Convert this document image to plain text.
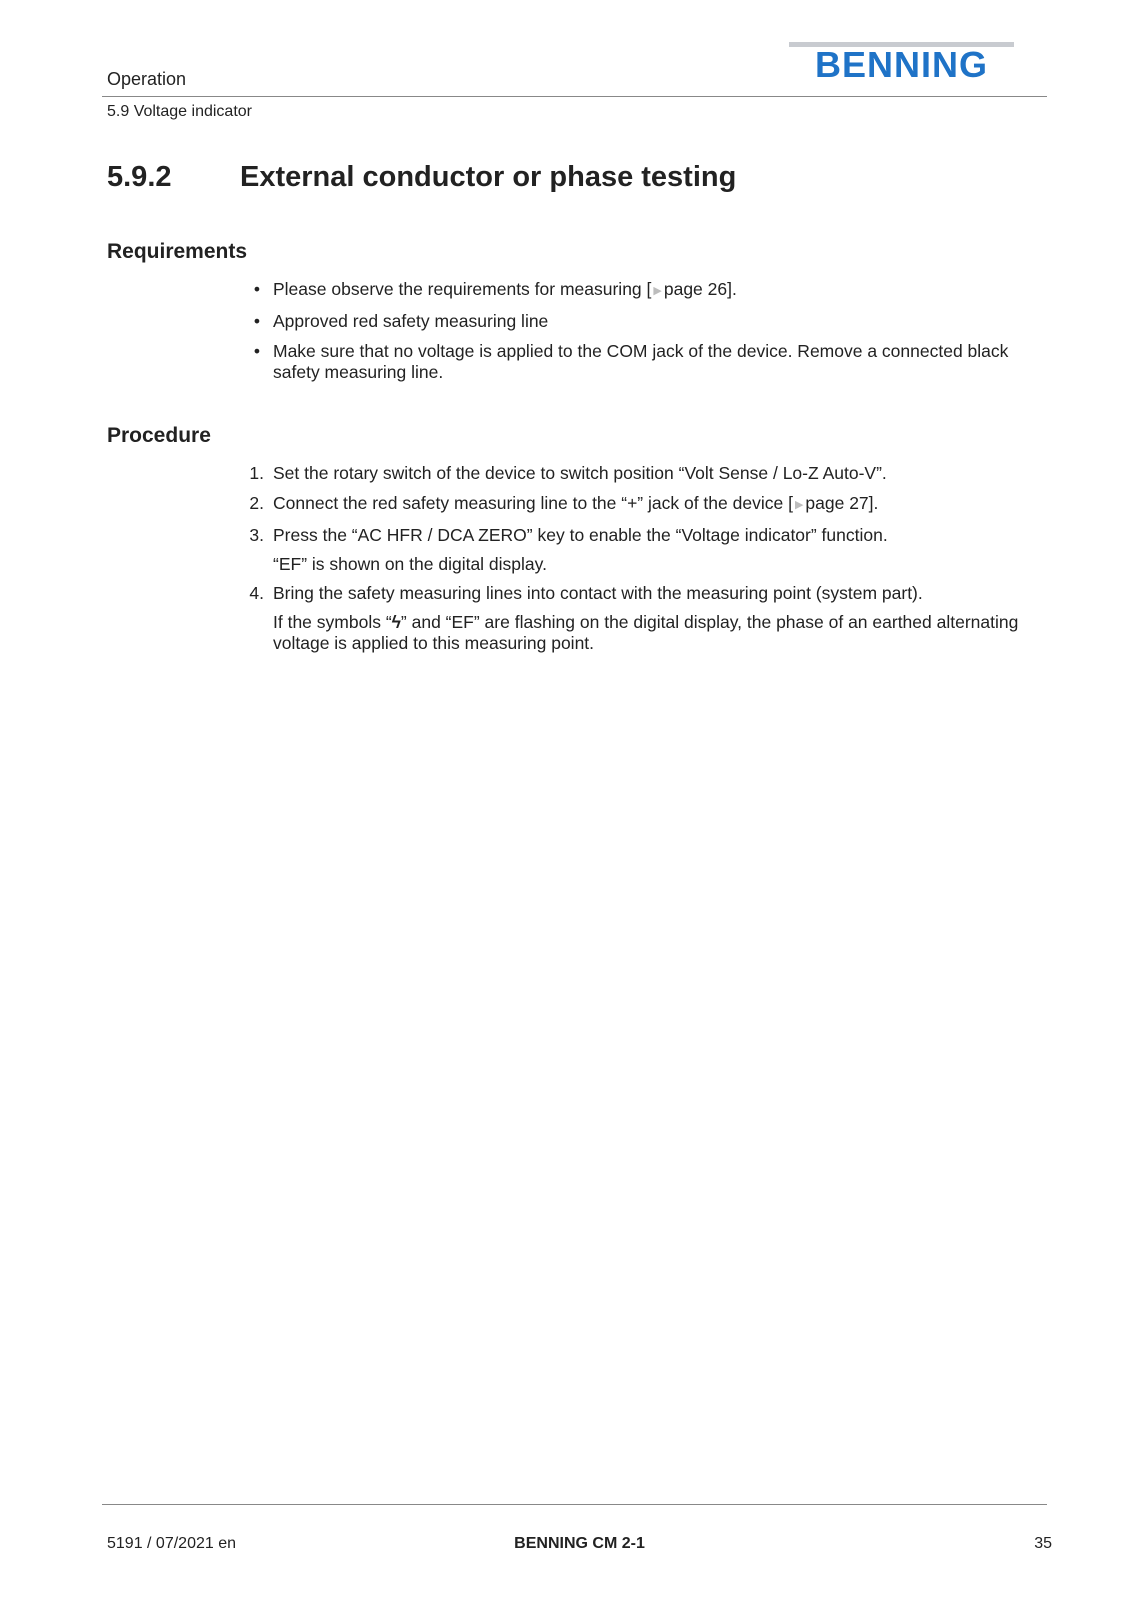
Operation	BENNING
5.9 Voltage indicator
5.9.2 External conductor or phase testing
Requirements
• Please observe the requirements for measuring [ ▶ page 26].
• Approved red safety measuring line
• Make sure that no voltage is applied to the COM jack of the device. Remove a connected black safety measuring line.
Procedure
1. Set the rotary switch of the device to switch position “Volt Sense / Lo-Z Auto-V”.
2. Connect the red safety measuring line to the “+” jack of the device [ ▶ page 27].
3. Press the “AC HFR / DCA ZERO” key to enable the “Voltage indicator” function.
“EF” is shown on the digital display.
4. Bring the safety measuring lines into contact with the measuring point (system part).
If the symbols “ϟ” and “EF” are flashing on the digital display, the phase of an earthed alternating voltage is applied to this measuring point.
5191 / 07/2021 en	BENNING CM 2-1	35
